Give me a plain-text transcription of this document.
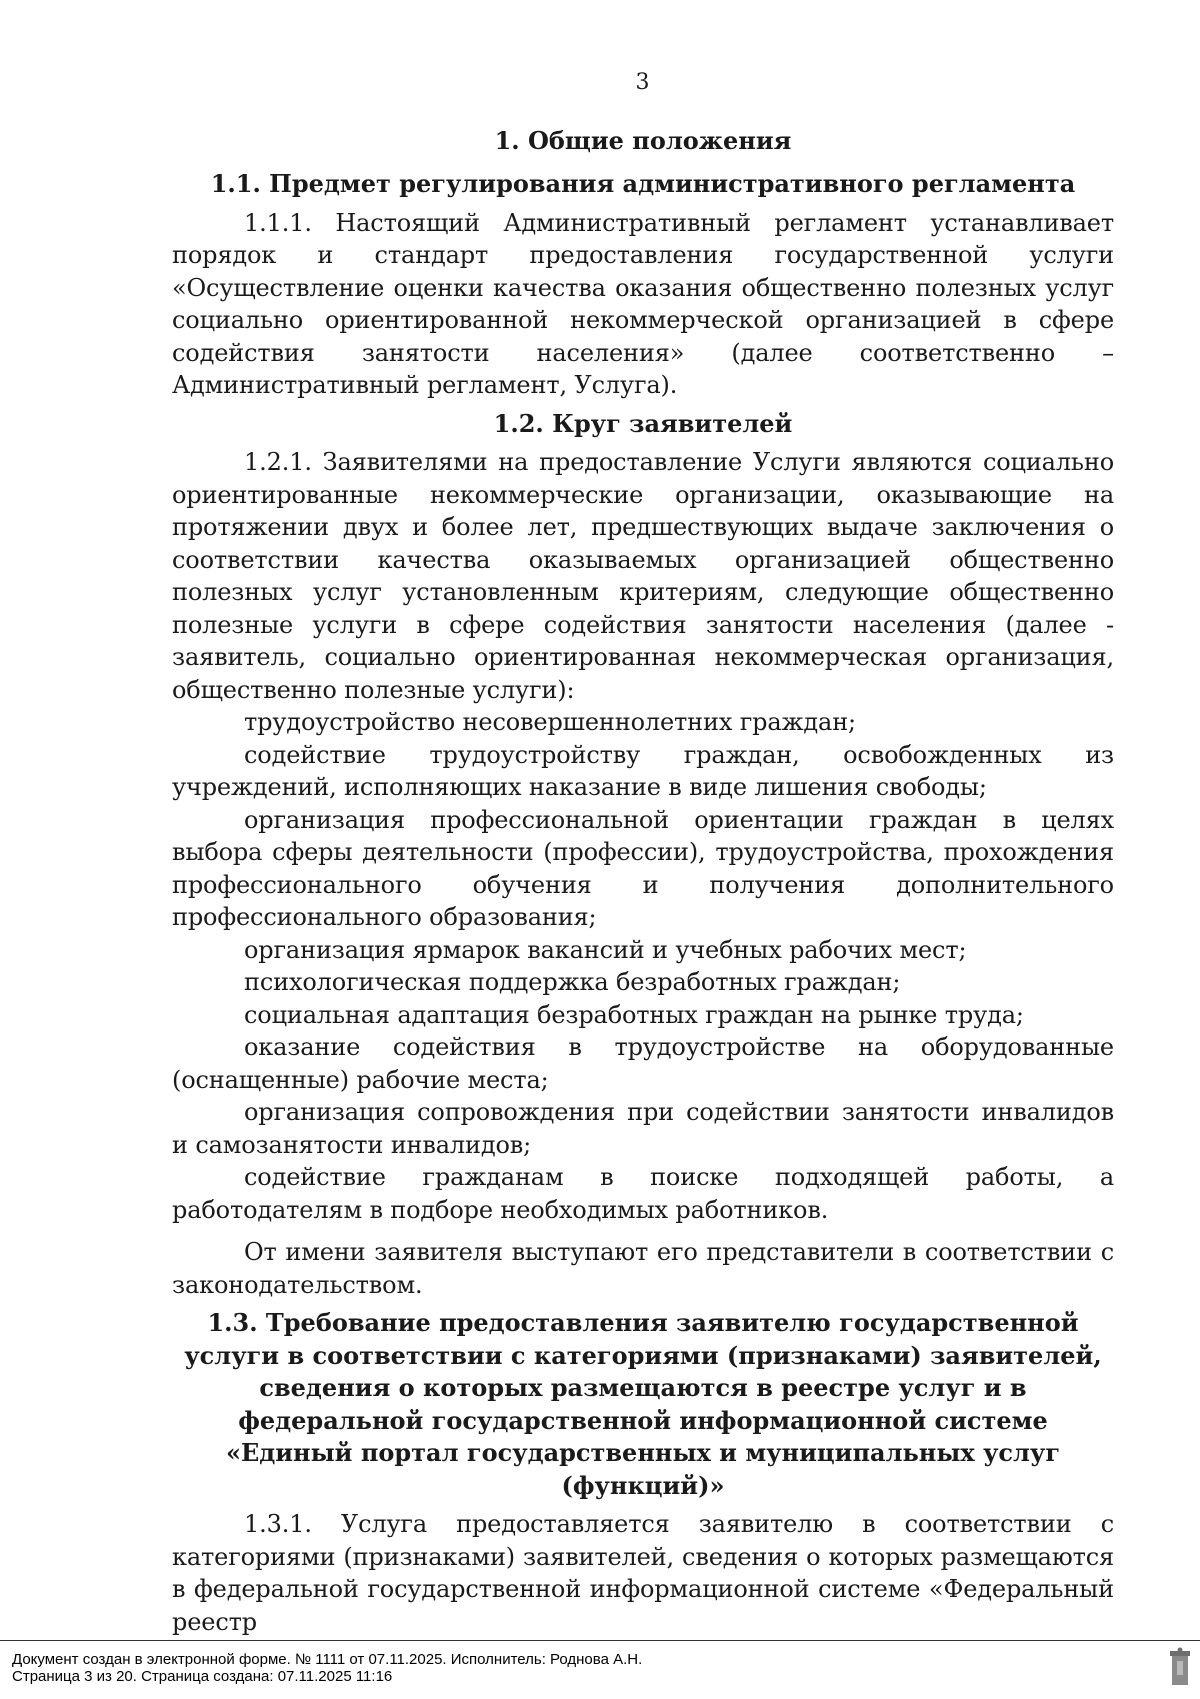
3
1. Общие положения
1.1. Предмет регулирования административного регламента

1.1.1. Настоящий Административный регламент устанавливает порядок и стандарт предоставления государственной услуги «Осуществление оценки качества оказания общественно полезных услуг социально ориентированной некоммерческой организацией в сфере содействия занятости населения» (далее соответственно – Административный регламент, Услуга).

1.2. Круг заявителей

1.2.1. Заявителями на предоставление Услуги являются социально ориентированные некоммерческие организации, оказывающие на протяжении двух и более лет, предшествующих выдаче заключения о соответствии качества оказываемых организацией общественно полезных услуг установленным критериям, следующие общественно полезные услуги в сфере содействия занятости населения (далее - заявитель, социально ориентированная некоммерческая организация, общественно полезные услуги):

трудоустройство несовершеннолетних граждан;

содействие трудоустройству граждан, освобожденных из учреждений, исполняющих наказание в виде лишения свободы;

организация профессиональной ориентации граждан в целях выбора сферы деятельности (профессии), трудоустройства, прохождения профессионального обучения и получения дополнительного профессионального образования;

организация ярмарок вакансий и учебных рабочих мест;

психологическая поддержка безработных граждан;

социальная адаптация безработных граждан на рынке труда;

оказание содействия в трудоустройстве на оборудованные (оснащенные) рабочие места;

организация сопровождения при содействии занятости инвалидов и самозанятости инвалидов;

содействие гражданам в поиске подходящей работы, а работодателям в подборе необходимых работников.

От имени заявителя выступают его представители в соответствии с законодательством.

1.3. Требование предоставления заявителю государственной услуги в соответствии с категориями (признаками) заявителей, сведения о которых размещаются в реестре услуг и в федеральной государственной информационной системе «Единый портал государственных и муниципальных услуг (функций)»

1.3.1. Услуга предоставляется заявителю в соответствии с категориями (признаками) заявителей, сведения о которых размещаются в федеральной государственной информационной системе «Федеральный реестр

Документ создан в электронной форме. № 1111 от 07.11.2025. Исполнитель: Роднова А.Н.
Страница 3 из 20. Страница создана: 07.11.2025 11:16
